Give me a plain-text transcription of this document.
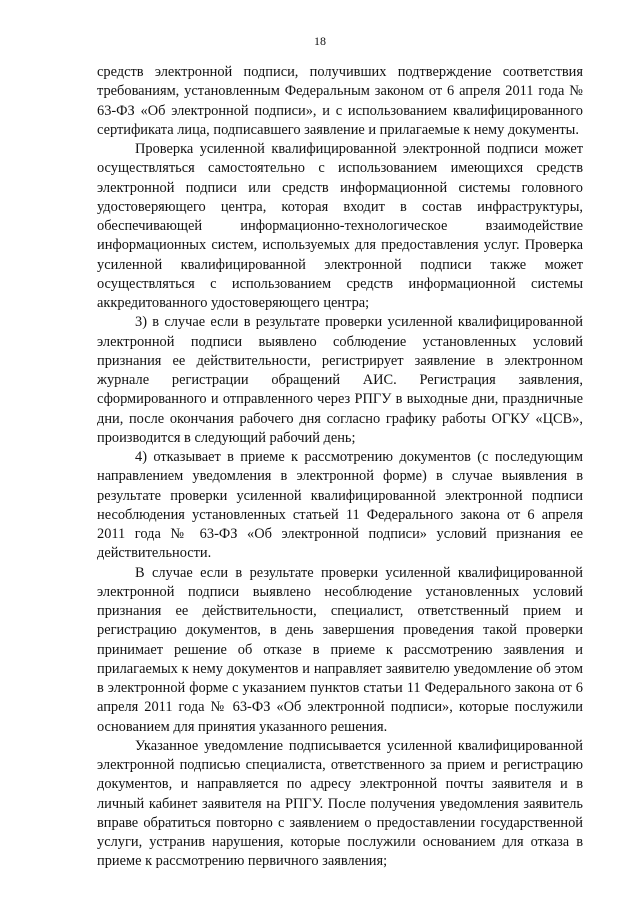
18

средств электронной подписи, получивших подтверждение соответствия требованиям, установленным Федеральным законом от 6 апреля 2011 года № 63-ФЗ «Об электронной подписи», и с использованием квалифицированного сертификата лица, подписавшего заявление и прилагаемые к нему документы.

Проверка усиленной квалифицированной электронной подписи может осуществляться самостоятельно с использованием имеющихся средств электронной подписи или средств информационной системы головного удостоверяющего центра, которая входит в состав инфраструктуры, обеспечивающей информационно-технологическое взаимодействие информационных систем, используемых для предоставления услуг. Проверка усиленной квалифицированной электронной подписи также может осуществляться с использованием средств информационной системы аккредитованного удостоверяющего центра;

3) в случае если в результате проверки усиленной квалифицированной электронной подписи выявлено соблюдение установленных условий признания ее действительности, регистрирует заявление в электронном журнале регистрации обращений АИС. Регистрация заявления, сформированного и отправленного через РПГУ в выходные дни, праздничные дни, после окончания рабочего дня согласно графику работы ОГКУ «ЦСВ», производится в следующий рабочий день;

4) отказывает в приеме к рассмотрению документов (с последующим направлением уведомления в электронной форме) в случае выявления в результате проверки усиленной квалифицированной электронной подписи несоблюдения установленных статьей 11 Федерального закона от 6 апреля 2011 года № 63-ФЗ «Об электронной подписи» условий признания ее действительности.

В случае если в результате проверки усиленной квалифицированной электронной подписи выявлено несоблюдение установленных условий признания ее действительности, специалист, ответственный прием и регистрацию документов, в день завершения проведения такой проверки принимает решение об отказе в приеме к рассмотрению заявления и прилагаемых к нему документов и направляет заявителю уведомление об этом в электронной форме с указанием пунктов статьи 11 Федерального закона от 6 апреля 2011 года № 63-ФЗ «Об электронной подписи», которые послужили основанием для принятия указанного решения.

Указанное уведомление подписывается усиленной квалифицированной электронной подписью специалиста, ответственного за прием и регистрацию документов, и направляется по адресу электронной почты заявителя и в личный кабинет заявителя на РПГУ. После получения уведомления заявитель вправе обратиться повторно с заявлением о предоставлении государственной услуги, устранив нарушения, которые послужили основанием для отказа в приеме к рассмотрению первичного заявления;
